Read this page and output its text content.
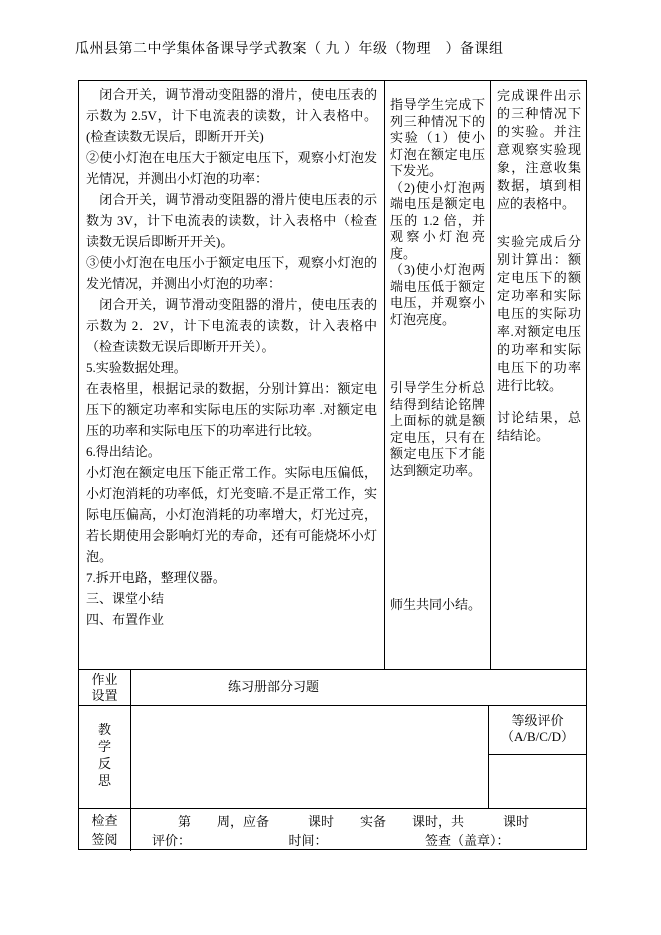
瓜州县第二中学集体备课导学式教案（ 九 ）年级（物理　）备课组

　闭合开关，调节滑动变阻器的滑片，使电压表的示数为 2.5V，计下电流表的读数，计入表格中。(检查读数无误后，即断开开关)

②使小灯泡在电压大于额定电压下，观察小灯泡发光情况，并测出小灯泡的功率：

　闭合开关，调节滑动变阻器的滑片使电压表的示数为 3V，计下电流表的读数，计入表格中（检查读数无误后即断开开关)。

③使小灯泡在电压小于额定电压下，观察小灯泡的发光情况，并测出小灯泡的功率：

　闭合开关，调节滑动变阻器的滑片，使电压表的示数为 2．2V，计下电流表的读数，计入表格中（检查读数无误后即断开开关）。

5.实验数据处理。

在表格里，根据记录的数据，分别计算出：额定电压下的额定功率和实际电压的实际功率 .对额定电压的功率和实际电压下的功率进行比较。

6.得出结论。

小灯泡在额定电压下能正常工作。实际电压偏低，小灯泡消耗的功率低，灯光变暗.不是正常工作，实际电压偏高，小灯泡消耗的功率增大，灯光过亮，若长期使用会影响灯光的寿命，还有可能烧坏小灯泡。

7.拆开电路，整理仪器。

三、课堂小结

四、布置作业

指导学生完成下列三种情况下的实验（1）使小灯泡在额定电压下发光。

（2)使小灯泡两端电压是额定电压的 1.2 倍，并观察小灯泡亮度。

（3)使小灯泡两端电压低于额定电压，并观察小灯泡亮度。

引导学生分析总结得到结论铭牌上面标的就是额定电压，只有在额定电压下才能达到额定功率。

师生共同小结。

完成课件出示的三种情况下的实验。并注意观察实验现象，注意收集数据，填到相应的表格中。

实验完成后分别计算出：额定电压下的额定功率和实际电压的实际功率.对额定电压的功率和实际电压下的功率进行比较。

讨论结果，总结结论。

作业
设置
练习册部分习题
教
学
反
思
等级评价
（A/B/C/D）
检查
签阅
　　　第　　周，应备　　　课时　　实备　　课时，共　　　课时
　评价：　　　　　　　　时间：　　　　　　　　签查（盖章）：
